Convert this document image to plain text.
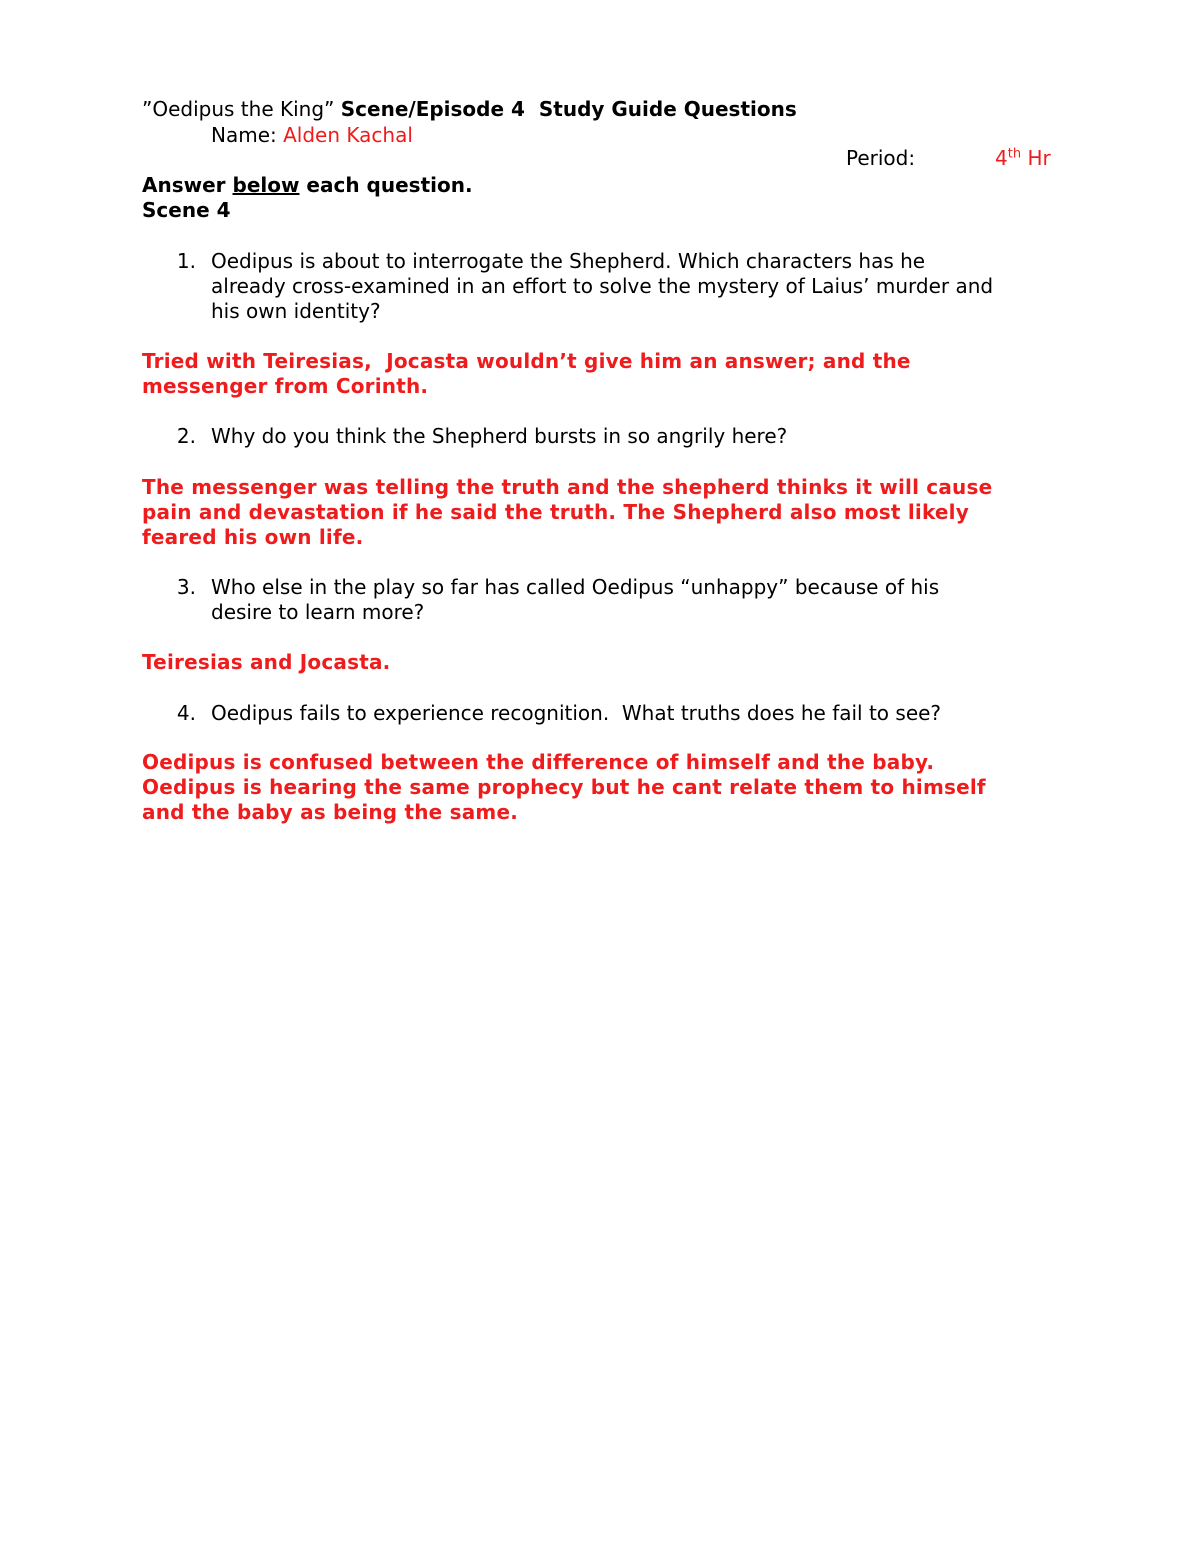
”Oedipus the King” Scene/Episode 4  Study Guide Questions
Name: Alden Kachal
Period:	4th Hr
Answer below each question.
Scene 4
1. Oedipus is about to interrogate the Shepherd. Which characters has he
already cross-examined in an effort to solve the mystery of Laius’ murder and
his own identity?
Tried with Teiresias,  Jocasta wouldn’t give him an answer; and the
messenger from Corinth.
2. Why do you think the Shepherd bursts in so angrily here?
The messenger was telling the truth and the shepherd thinks it will cause
pain and devastation if he said the truth. The Shepherd also most likely
feared his own life.
3. Who else in the play so far has called Oedipus “unhappy” because of his
desire to learn more?
Teiresias and Jocasta.
4. Oedipus fails to experience recognition.  What truths does he fail to see?
Oedipus is confused between the difference of himself and the baby.
Oedipus is hearing the same prophecy but he cant relate them to himself
and the baby as being the same.
